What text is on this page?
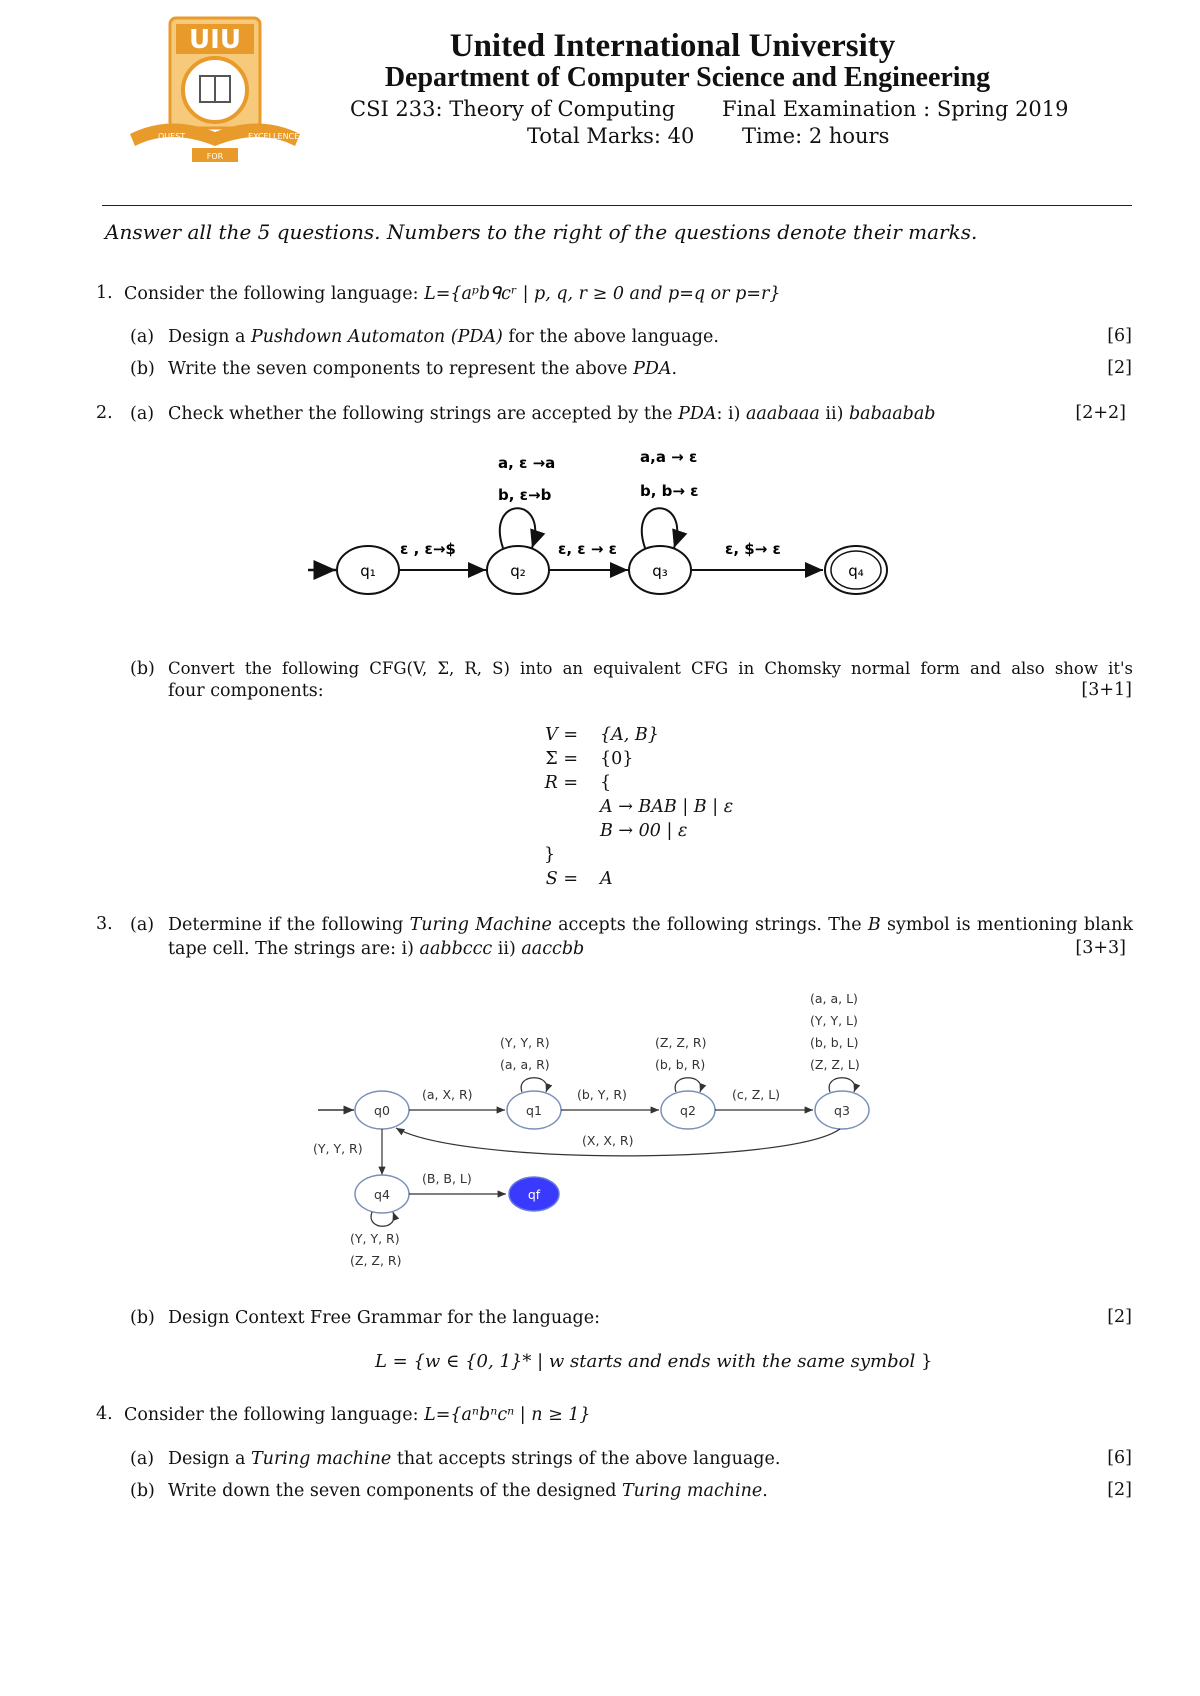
UIU
QUEST	EXCELLENCE
FOR
United International University
Department of Computer Science and Engineering
CSI 233: Theory of Computing Final Examination : Spring 2019
Total Marks: 40 Time: 2 hours
Answer all the 5 questions. Numbers to the right of the questions denote their marks.
1. Consider the following language: L={aᵖbᑫcʳ | p, q, r ≥ 0 and p=q or p=r}
(a) Design a Pushdown Automaton (PDA) for the above language.	[6]
(b) Write the seven components to represent the above PDA.	[2]
2. (a) Check whether the following strings are accepted by the PDA: i) aaabaaa ii) babaabab	[2+2]
q₁
ε , ε→$
q₂
a, ε →a
b, ε→b
ε, ε → ε
q₃
a,a → ε
b, b→ ε
ε, $→ ε
q₄
(b) Convert the following CFG(V, Σ, R, S) into an equivalent CFG in Chomsky normal form and also show it's
four components:	[3+1]
V = {A, B}
Σ = {0}
R = {
A → BAB | B | ε
B → 00 | ε
}
S = A
3. (a) Determine if the following Turing Machine accepts the following strings. The B symbol is mentioning blank
tape cell. The strings are: i) aabbccc ii) aaccbb	[3+3]
q0
(a, X, R)
q1
(Y, Y, R)
(a, a, R)
(b, Y, R)
q2
(Z, Z, R)
(b, b, R)
(c, Z, L)
q3
(a, a, L)
(Y, Y, L)
(b, b, L)
(Z, Z, L)
(X, X, R)
(Y, Y, R)
q4
(Y, Y, R)
(Z, Z, R)
(B, B, L)
qf
(b) Design Context Free Grammar for the language:	[2]
L = {w ∈ {0, 1}* | w starts and ends with the same symbol }
4. Consider the following language: L={aⁿbⁿcⁿ | n ≥ 1}
(a) Design a Turing machine that accepts strings of the above language.	[6]
(b) Write down the seven components of the designed Turing machine.	[2]
